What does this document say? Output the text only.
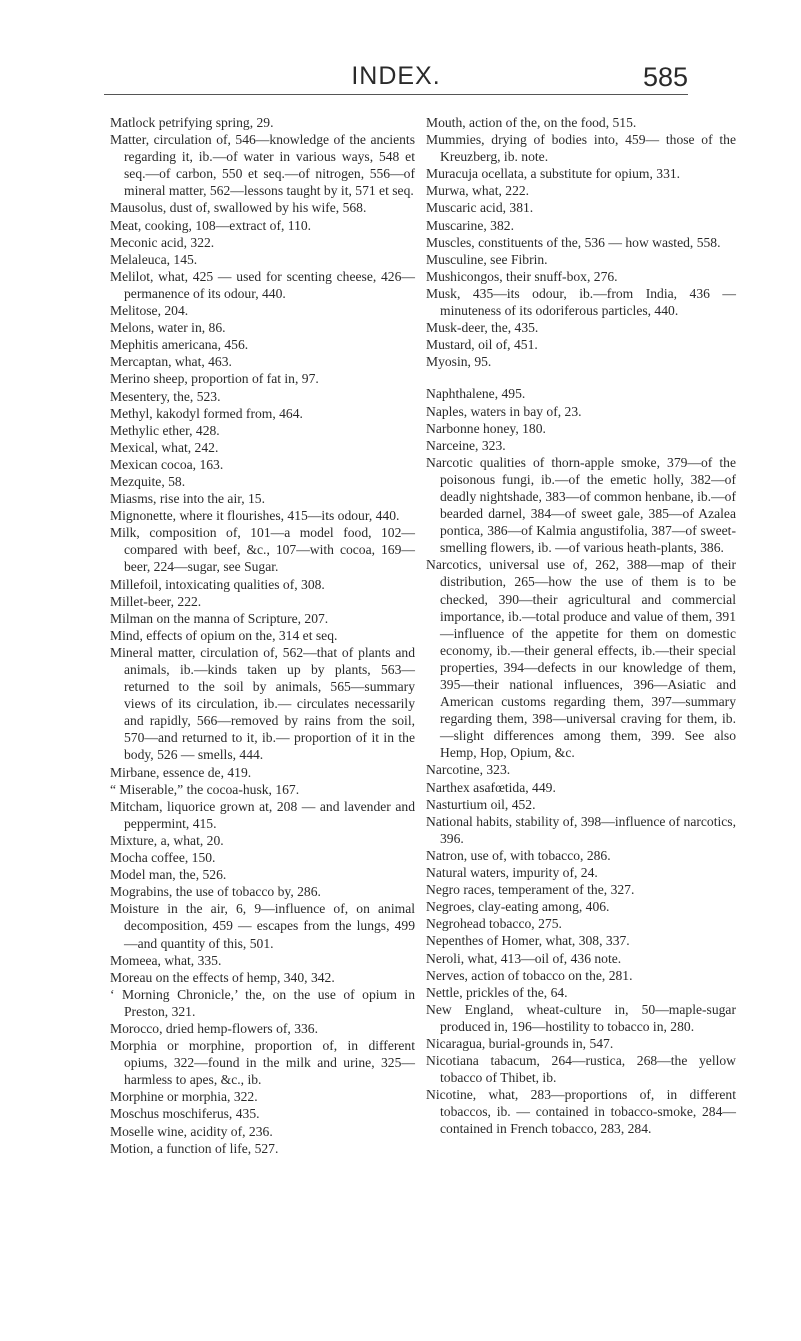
INDEX.	585

Matlock petrifying spring, 29.

Matter, circulation of, 546—knowledge of the ancients regarding it, ib.—of water in various ways, 548 et seq.—of carbon, 550 et seq.—of nitrogen, 556—of mineral matter, 562—lessons taught by it, 571 et seq.

Mausolus, dust of, swallowed by his wife, 568.

Meat, cooking, 108—extract of, 110.

Meconic acid, 322.

Melaleuca, 145.

Melilot, what, 425 — used for scenting cheese, 426—permanence of its odour, 440.

Melitose, 204.

Melons, water in, 86.

Mephitis americana, 456.

Mercaptan, what, 463.

Merino sheep, proportion of fat in, 97.

Mesentery, the, 523.

Methyl, kakodyl formed from, 464.

Methylic ether, 428.

Mexical, what, 242.

Mexican cocoa, 163.

Mezquite, 58.

Miasms, rise into the air, 15.

Mignonette, where it flourishes, 415—its odour, 440.

Milk, composition of, 101—a model food, 102—compared with beef, &c., 107—with cocoa, 169—beer, 224—sugar, see Sugar.

Millefoil, intoxicating qualities of, 308.

Millet-beer, 222.

Milman on the manna of Scripture, 207.

Mind, effects of opium on the, 314 et seq.

Mineral matter, circulation of, 562—that of plants and animals, ib.—kinds taken up by plants, 563—returned to the soil by animals, 565—summary views of its circulation, ib.— circulates necessarily and rapidly, 566—removed by rains from the soil, 570—and returned to it, ib.— proportion of it in the body, 526 — smells, 444.

Mirbane, essence de, 419.

“ Miserable,” the cocoa-husk, 167.

Mitcham, liquorice grown at, 208 — and lavender and peppermint, 415.

Mixture, a, what, 20.

Mocha coffee, 150.

Model man, the, 526.

Mograbins, the use of tobacco by, 286.

Moisture in the air, 6, 9—influence of, on animal decomposition, 459 — escapes from the lungs, 499—and quantity of this, 501.

Momeea, what, 335.

Moreau on the effects of hemp, 340, 342.

‘ Morning Chronicle,’ the, on the use of opium in Preston, 321.

Morocco, dried hemp-flowers of, 336.

Morphia or morphine, proportion of, in different opiums, 322—found in the milk and urine, 325—harmless to apes, &c., ib.

Morphine or morphia, 322.

Moschus moschiferus, 435.

Moselle wine, acidity of, 236.

Motion, a function of life, 527.

Mouth, action of the, on the food, 515.

Mummies, drying of bodies into, 459— those of the Kreuzberg, ib. note.

Muracuja ocellata, a substitute for opium, 331.

Murwa, what, 222.

Muscaric acid, 381.

Muscarine, 382.

Muscles, constituents of the, 536 — how wasted, 558.

Musculine, see Fibrin.

Mushicongos, their snuff-box, 276.

Musk, 435—its odour, ib.—from India, 436 —minuteness of its odoriferous particles, 440.

Musk-deer, the, 435.

Mustard, oil of, 451.

Myosin, 95.

Naphthalene, 495.

Naples, waters in bay of, 23.

Narbonne honey, 180.

Narceine, 323.

Narcotic qualities of thorn-apple smoke, 379—of the poisonous fungi, ib.—of the emetic holly, 382—of deadly nightshade, 383—of common henbane, ib.—of bearded darnel, 384—of sweet gale, 385—of Azalea pontica, 386—of Kalmia angustifolia, 387—of sweet-smelling flowers, ib. —of various heath-plants, 386.

Narcotics, universal use of, 262, 388—map of their distribution, 265—how the use of them is to be checked, 390—their agricultural and commercial importance, ib.—total produce and value of them, 391—influence of the appetite for them on domestic economy, ib.—their general effects, ib.—their special properties, 394—defects in our knowledge of them, 395—their national influences, 396—Asiatic and American customs regarding them, 397—summary regarding them, 398—universal craving for them, ib.—slight differences among them, 399. See also Hemp, Hop, Opium, &c.

Narcotine, 323.

Narthex asafœtida, 449.

Nasturtium oil, 452.

National habits, stability of, 398—influence of narcotics, 396.

Natron, use of, with tobacco, 286.

Natural waters, impurity of, 24.

Negro races, temperament of the, 327.

Negroes, clay-eating among, 406.

Negrohead tobacco, 275.

Nepenthes of Homer, what, 308, 337.

Neroli, what, 413—oil of, 436 note.

Nerves, action of tobacco on the, 281.

Nettle, prickles of the, 64.

New England, wheat-culture in, 50—maple-sugar produced in, 196—hostility to tobacco in, 280.

Nicaragua, burial-grounds in, 547.

Nicotiana tabacum, 264—rustica, 268—the yellow tobacco of Thibet, ib.

Nicotine, what, 283—proportions of, in different tobaccos, ib. — contained in tobacco-smoke, 284—contained in French tobacco, 283, 284.
